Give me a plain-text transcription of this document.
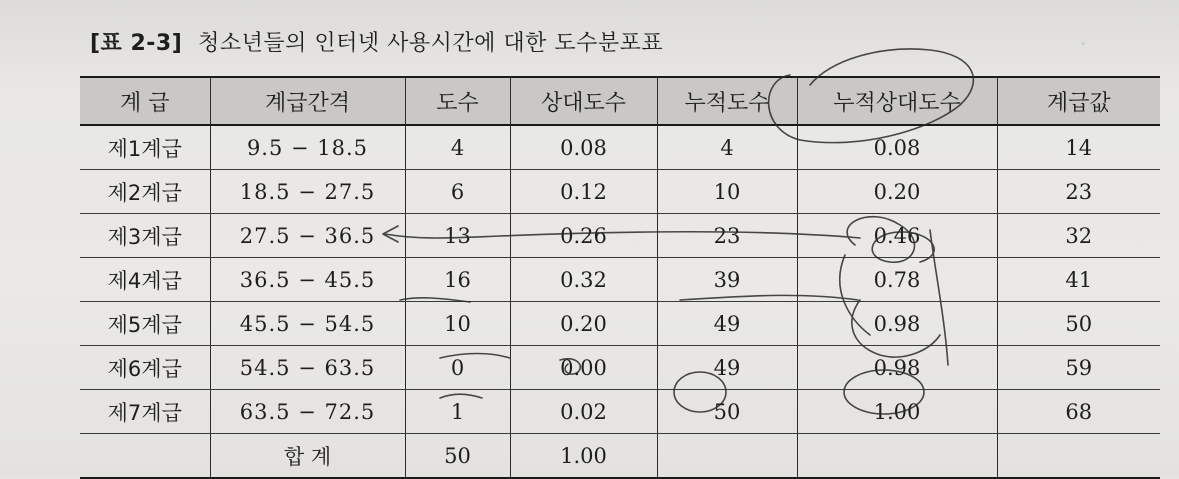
·
[표 2-3] 청소년들의 인터넷 사용시간에 대한 도수분포표
계 급	계급간격	도수	상대도수	누적도수	누적상대도수	계급값
제1계급	9.5 − 18.5	4	0.08	4	0.08	14
제2계급	18.5 − 27.5	6	0.12	10	0.20	23
제3계급	27.5 − 36.5	13	0.26	23	0.46	32
제4계급	36.5 − 45.5	16	0.32	39	0.78	41
제5계급	45.5 − 54.5	10	0.20	49	0.98	50
제6계급	54.5 − 63.5	0	0.00	49	0.98	59
제7계급	63.5 − 72.5	1	0.02	50	1.00	68
	합 계	50	1.00			
